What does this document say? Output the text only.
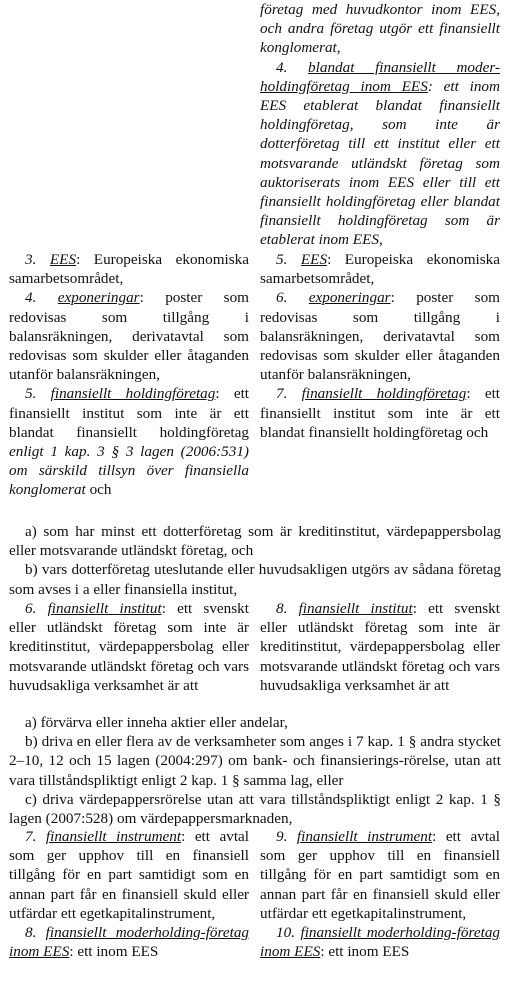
företag med huvudkontor inom EES, och andra företag utgör ett finansiellt konglomerat,

4. blandat finansiellt moder-holdingföretag inom EES: ett inom EES etablerat blandat finansiellt holdingföretag, som inte är dotterföretag till ett institut eller ett motsvarande utländskt företag som auktoriserats inom EES eller till ett finansiellt holdingföretag eller blandat finansiellt holdingföretag som är etablerat inom EES,

3. EES: Europeiska ekonomiska samarbetsområdet,

4. exponeringar: poster som redovisas som tillgång i balansräkningen, derivatavtal som redovisas som skulder eller åtaganden utanför balansräkningen,

5. finansiellt holdingföretag: ett finansiellt institut som inte är ett blandat finansiellt holdingföretag enligt 1 kap. 3 § 3 lagen (2006:531) om särskild tillsyn över finansiella konglomerat och

5. EES: Europeiska ekonomiska samarbetsområdet,

6. exponeringar: poster som redovisas som tillgång i balansräkningen, derivatavtal som redovisas som skulder eller åtaganden utanför balansräkningen,

7. finansiellt holdingföretag: ett finansiellt institut som inte är ett blandat finansiellt holdingföretag och

a) som har minst ett dotterföretag som är kreditinstitut, värdepappersbolag eller motsvarande utländskt företag, och

b) vars dotterföretag uteslutande eller huvudsakligen utgörs av sådana företag som avses i a eller finansiella institut,

6. finansiellt institut: ett svenskt eller utländskt företag som inte är kreditinstitut, värdepappersbolag eller motsvarande utländskt företag och vars huvudsakliga verksamhet är att

8. finansiellt institut: ett svenskt eller utländskt företag som inte är kreditinstitut, värdepappersbolag eller motsvarande utländskt företag och vars huvudsakliga verksamhet är att

a) förvärva eller inneha aktier eller andelar,

b) driva en eller flera av de verksamheter som anges i 7 kap. 1 § andra stycket 2–10, 12 och 15 lagen (2004:297) om bank- och finansierings-rörelse, utan att vara tillståndspliktigt enligt 2 kap. 1 § samma lag, eller

c) driva värdepappersrörelse utan att vara tillståndspliktigt enligt 2 kap. 1 § lagen (2007:528) om värdepappersmarknaden,

7. finansiellt instrument: ett avtal som ger upphov till en finansiell tillgång för en part samtidigt som en annan part får en finansiell skuld eller utfärdar ett egetkapitalinstrument,

8. finansiellt moderholding-företag inom EES: ett inom EES

9. finansiellt instrument: ett avtal som ger upphov till en finansiell tillgång för en part samtidigt som en annan part får en finansiell skuld eller utfärdar ett egetkapitalinstrument,

10. finansiellt moderholding-företag inom EES: ett inom EES
